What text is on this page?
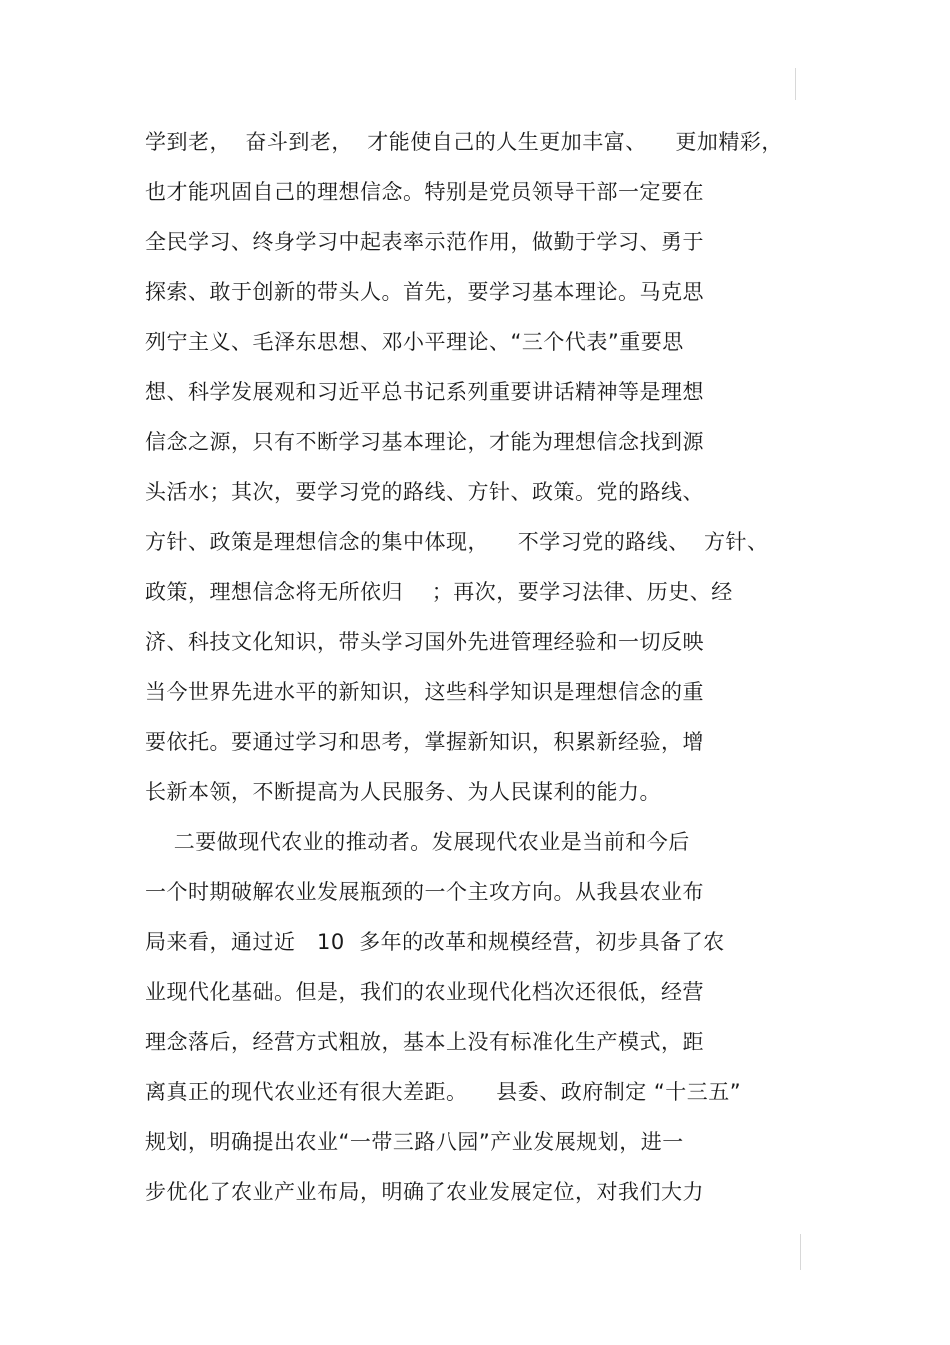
学到老，  奋斗到老，  才能使自己的人生更加丰富、    更加精彩，
也才能巩固自己的理想信念。特别是党员领导干部一定要在
全民学习、终身学习中起表率示范作用，做勤于学习、勇于
探索、敢于创新的带头人。首先，要学习基本理论。马克思
列宁主义、毛泽东思想、邓小平理论、“三个代表”重要思
想、科学发展观和习近平总书记系列重要讲话精神等是理想
信念之源，只有不断学习基本理论，才能为理想信念找到源
头活水；其次，要学习党的路线、方针、政策。党的路线、
方针、政策是理想信念的集中体现，    不学习党的路线、  方针、
政策，理想信念将无所依归    ；再次，要学习法律、历史、经
济、科技文化知识，带头学习国外先进管理经验和一切反映
当今世界先进水平的新知识，这些科学知识是理想信念的重
要依托。要通过学习和思考，掌握新知识，积累新经验，增
长新本领，不断提高为人民服务、为人民谋利的能力。
二要做现代农业的推动者。发展现代农业是当前和今后
一个时期破解农业发展瓶颈的一个主攻方向。从我县农业布
局来看，通过近   10  多年的改革和规模经营，初步具备了农
业现代化基础。但是，我们的农业现代化档次还很低，经营
理念落后，经营方式粗放，基本上没有标准化生产模式，距
离真正的现代农业还有很大差距。    县委、政府制定 “十三五”
规划，明确提出农业“一带三路八园”产业发展规划，进一
步优化了农业产业布局，明确了农业发展定位，对我们大力
